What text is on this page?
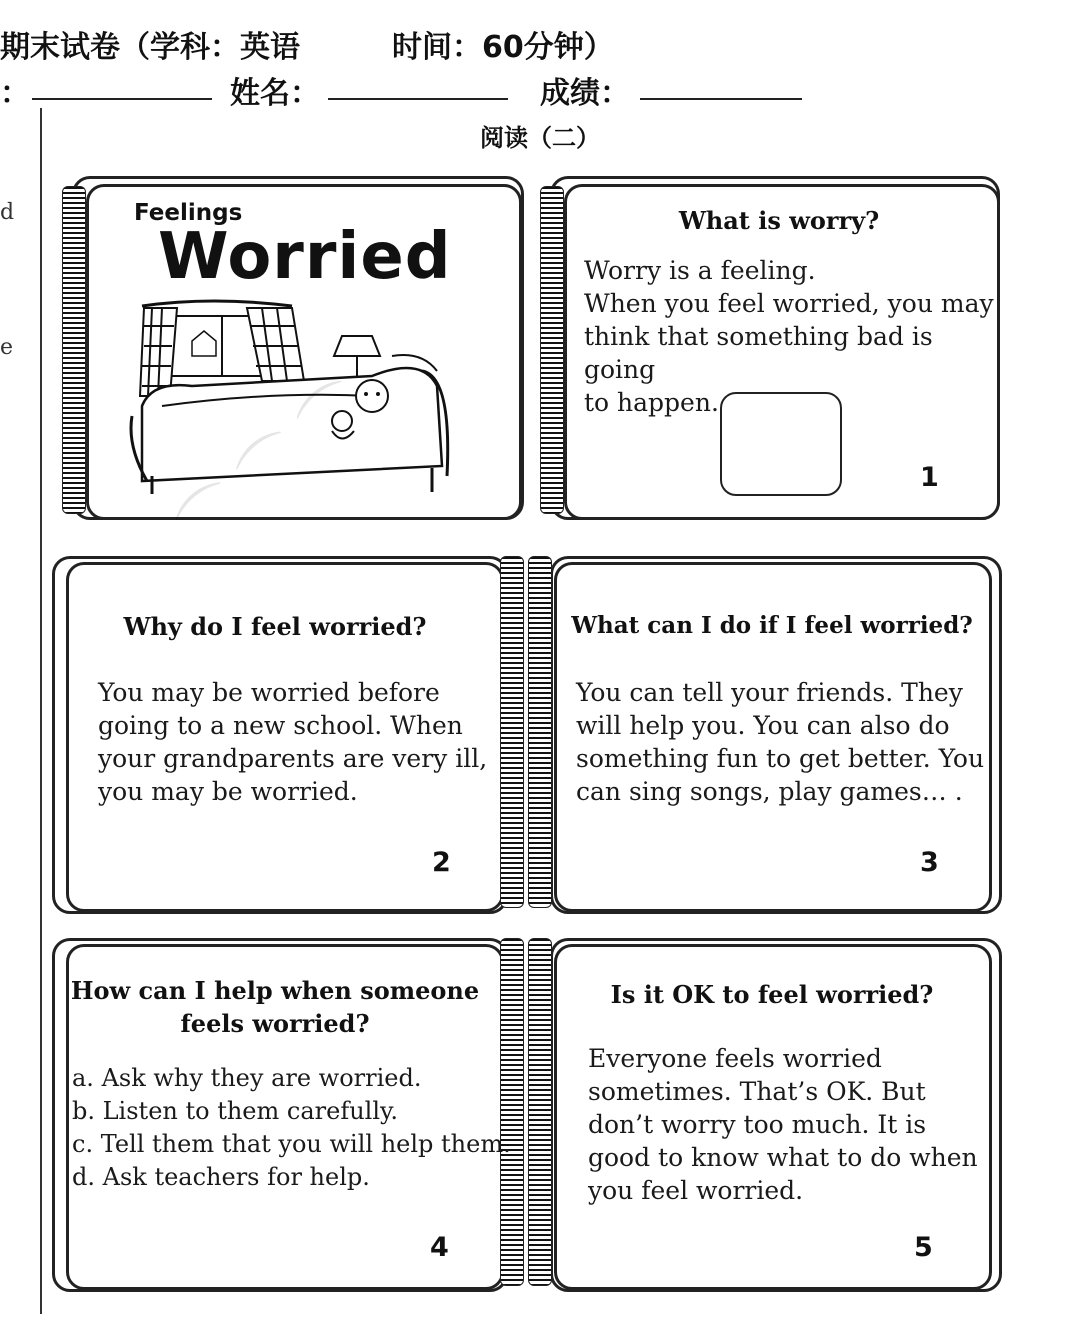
期末试卷（学科：英语	时间：60分钟）
：	姓名：	成绩：
d
e
阅读（二）
Feelings
Worried	What is worry?
Worry is a feeling.
When you feel worried, you may
think that something bad is going
to happen.
1
Why do I feel worried?
You may be worried before
going to a new school. When
your grandparents are very ill,
you may be worried.
2
What can I do if I feel worried?
You can tell your friends. They
will help you. You can also do
something fun to get better. You
can sing songs, play games… .
3
How can I help when someone
feels worried?
a. Ask why they are worried.
b. Listen to them carefully.
c. Tell them that you will help them.
d. Ask teachers for help.
4
Is it OK to feel worried?
Everyone feels worried
sometimes. That’s OK. But
don’t worry too much. It is
good to know what to do when
you feel worried.
5
